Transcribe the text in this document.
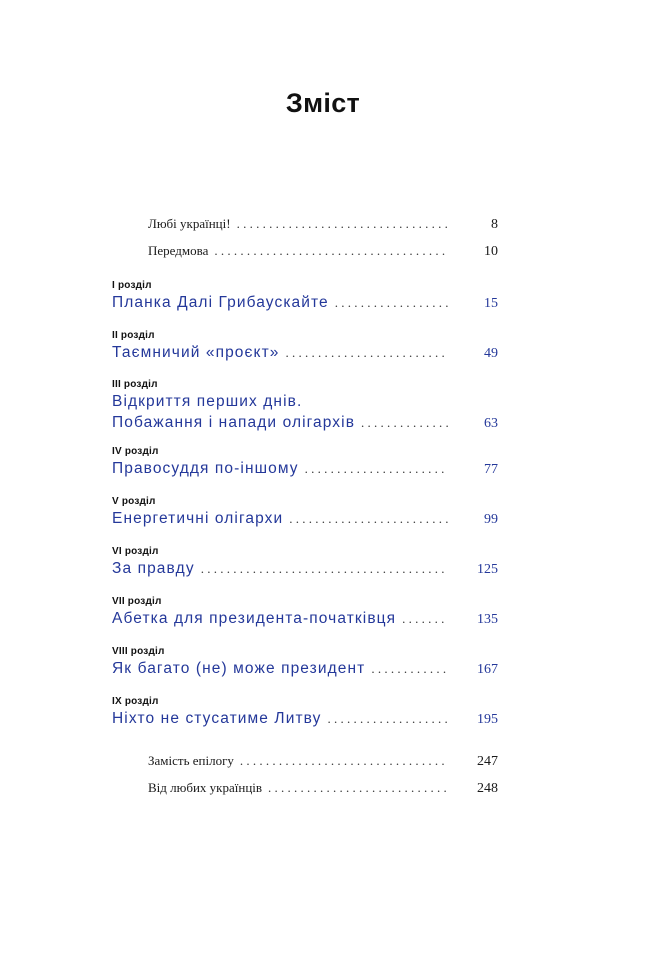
Зміст
Любі українці! . . .	8
Передмова . . .	10
І розділ
Планка Далі Грибаускайте . . .	15
ІІ розділ
Таємничий «проєкт» . . .	49
ІІІ розділ
Відкриття перших днів.
Побажання і напади олігархів . . .	63
IV розділ
Правосуддя по-іншому . . .	77
V розділ
Енергетичні олігархи . . .	99
VI розділ
За правду . . .	125
VII розділ
Абетка для президента-початківця . . .	135
VIII розділ
Як багато (не) може президент . . .	167
IX розділ
Ніхто не стусатиме Литву . . .	195
Замість епілогу . . .	247
Від любих українців . . .	248
